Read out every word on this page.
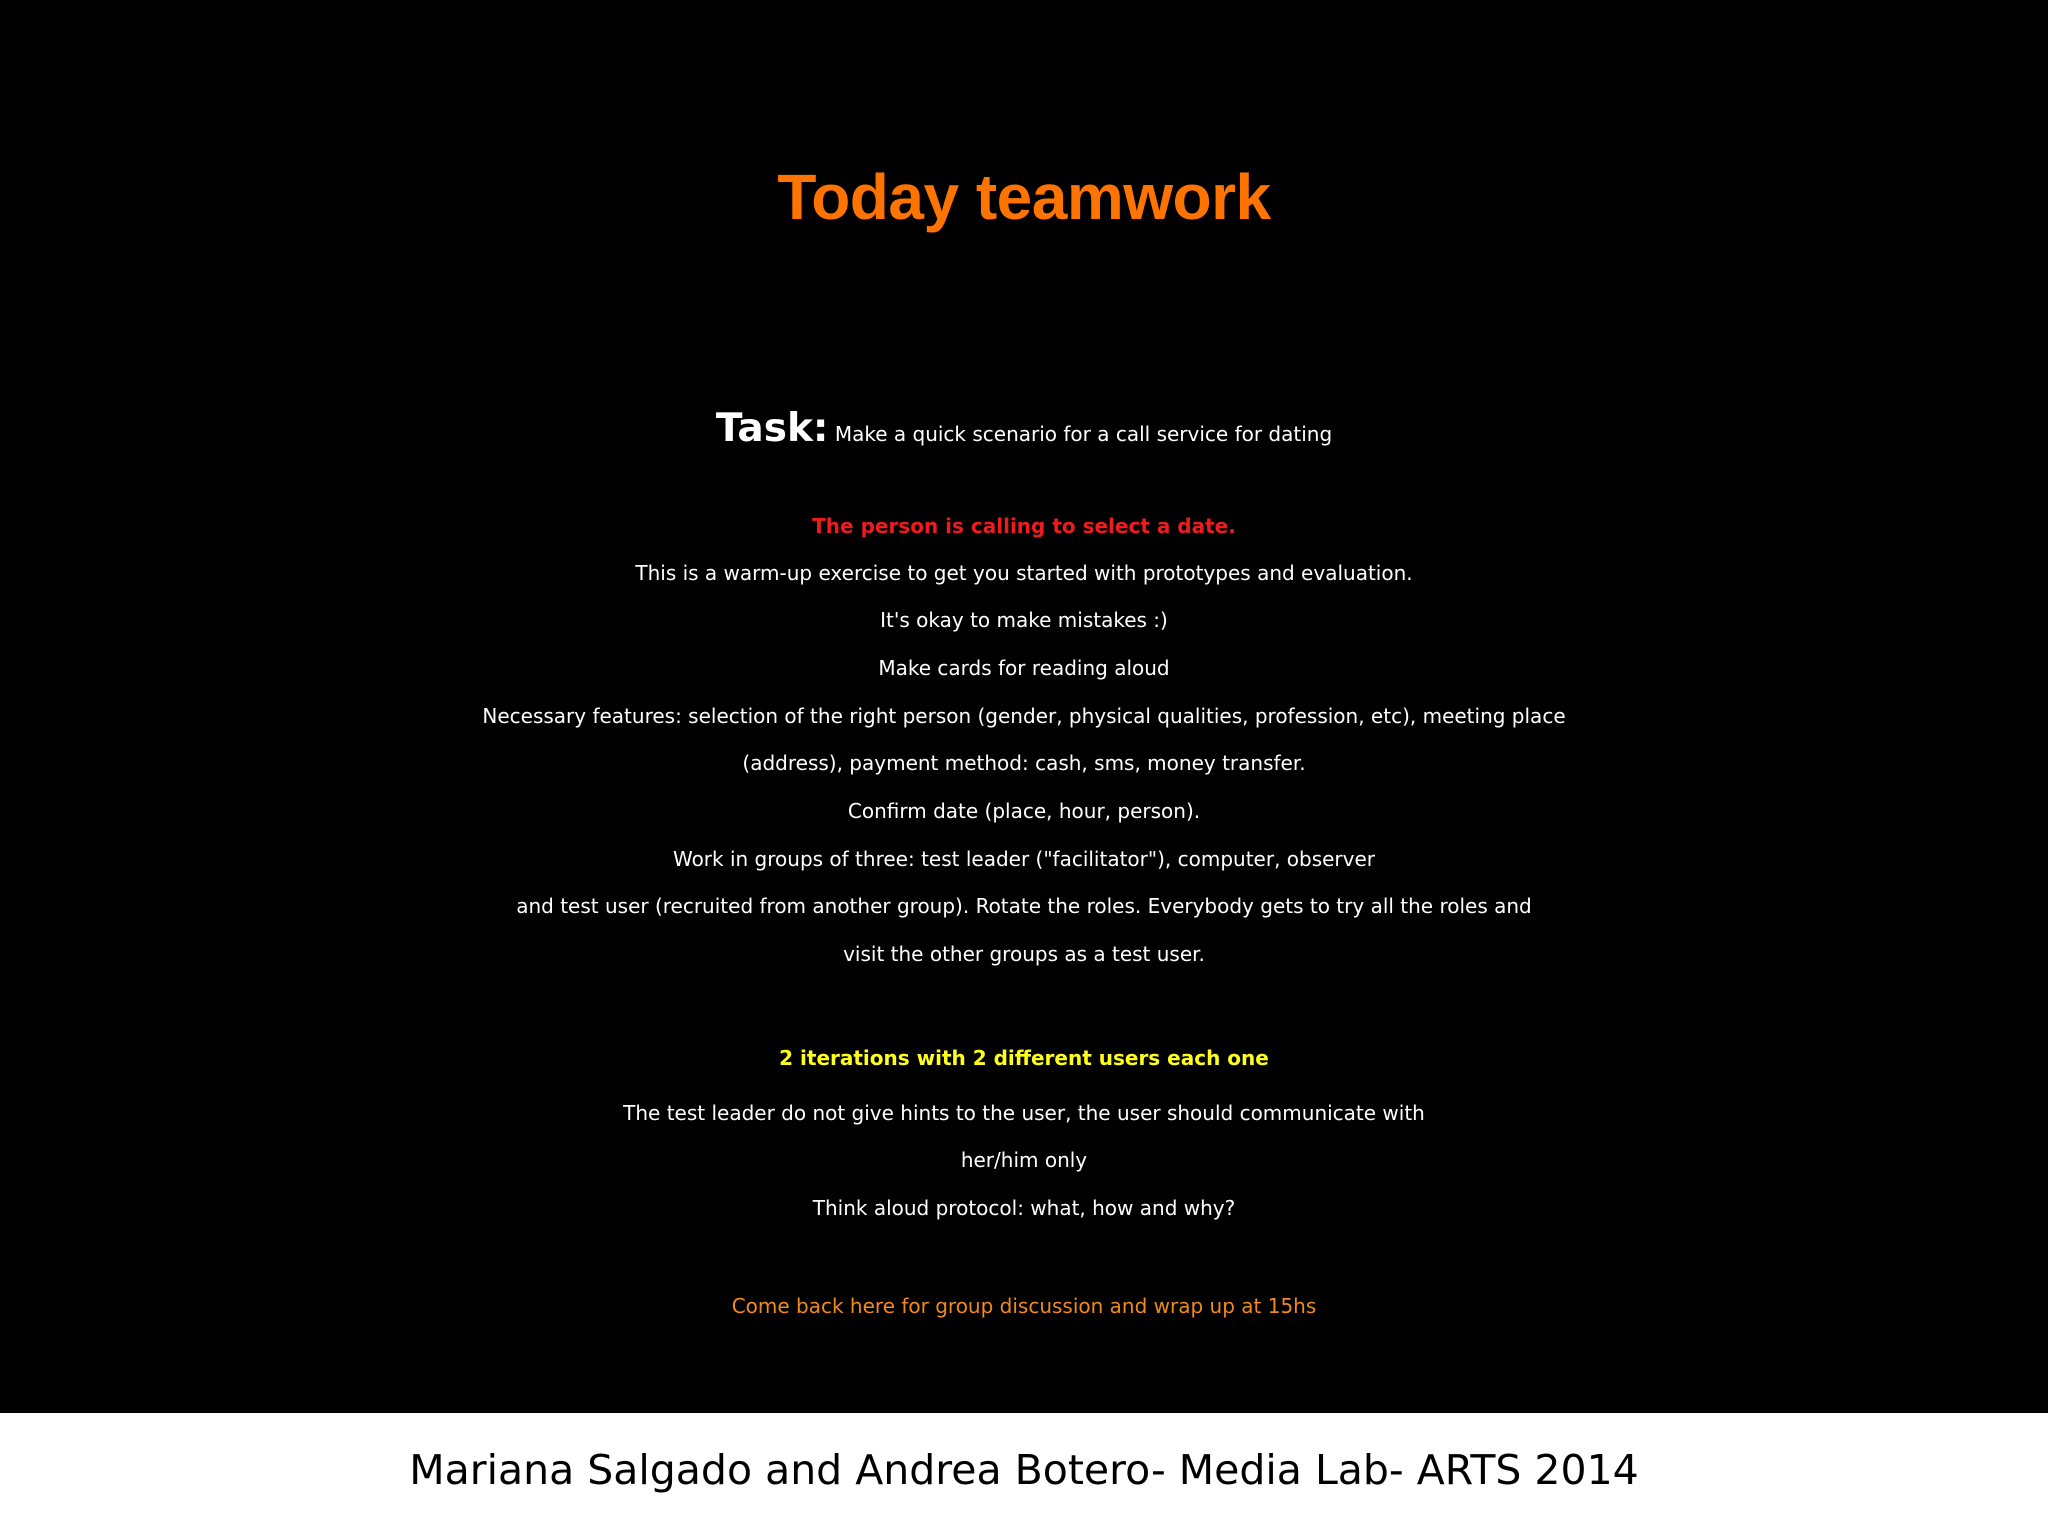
Today teamwork
Task: Make a quick scenario for a call service for dating
The person is calling to select a date.
This is a warm-up exercise to get you started with prototypes and evaluation.
It's okay to make mistakes :)
Make cards for reading aloud
Necessary features: selection of the right person (gender, physical qualities, profession, etc), meeting place
(address), payment method: cash, sms, money transfer.
Confirm date (place, hour, person).
Work in groups of three: test leader ("facilitator"), computer, observer
and test user (recruited from another group). Rotate the roles. Everybody gets to try all the roles and
visit the other groups as a test user.
2 iterations with 2 different users each one
The test leader do not give hints to the user, the user should communicate with
her/him only
Think aloud protocol: what, how and why?
Come back here for group discussion and wrap up at 15hs
Mariana Salgado and Andrea Botero- Media Lab- ARTS 2014
